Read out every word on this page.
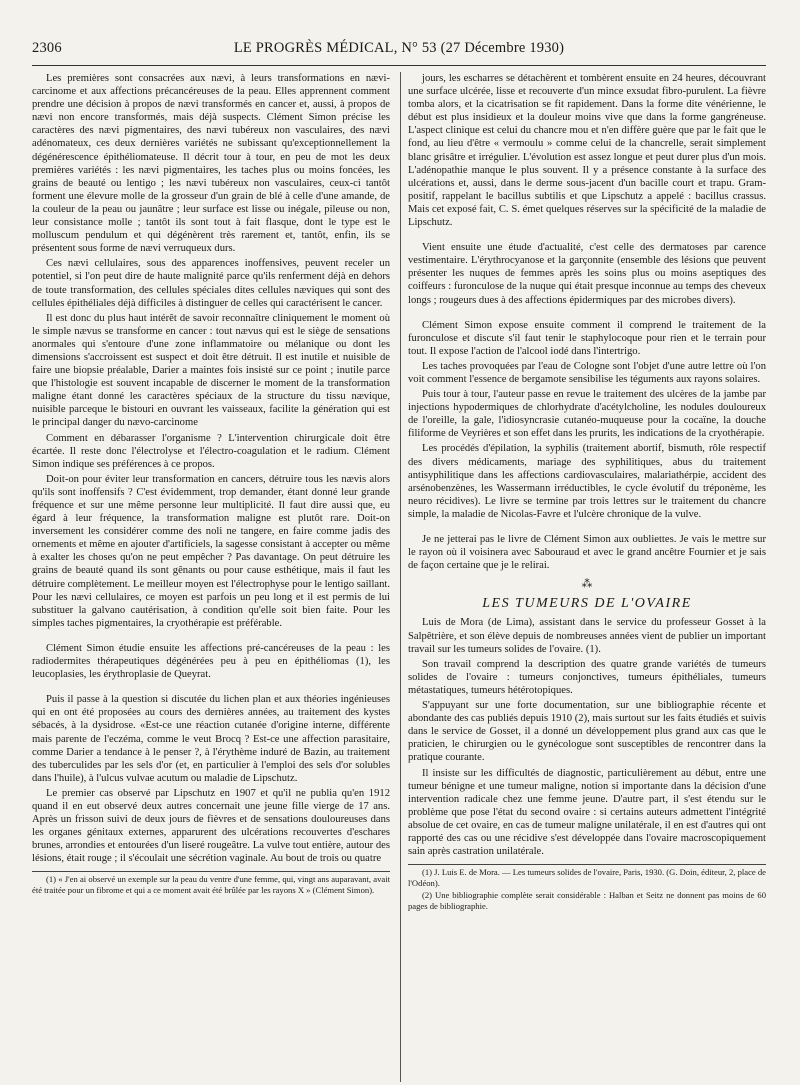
2306	LE PROGRÈS MÉDICAL, N° 53 (27 Décembre 1930)

Les premières sont consacrées aux nævi, à leurs transformations en nævi-carcinome et aux affections précancéreuses de la peau. Elles apprennent comment prendre une décision à propos de nævi transformés en cancer et, aussi, à propos de nævi non encore transformés, mais déjà suspects. Clément Simon précise les caractères des nævi pigmentaires, des nævi tubéreux non vasculaires, des nævi adénomateux, ces deux dernières variétés ne subissant qu'exceptionnellement la dégénérescence épithéliomateuse. Il décrit tour à tour, en peu de mot les deux premières variétés : les nævi pigmentaires, les taches plus ou moins foncées, les grains de beauté ou lentigo ; les nævi tubéreux non vasculaires, ceux-ci tantôt forment une élevure molle de la grosseur d'un grain de blé à celle d'une amande, de la couleur de la peau ou jaunâtre ; leur surface est lisse ou inégale, pileuse ou non, leur consistance molle ; tantôt ils sont tout à fait flasque, dont le type est le molluscum pendulum et qui dégénèrent très rarement et, tantôt, enfin, ils se présentent sous forme de nævi verruqueux durs.

Ces nævi cellulaires, sous des apparences inoffensives, peuvent receler un potentiel, si l'on peut dire de haute malignité parce qu'ils renferment déjà en dehors de toute transformation, des cellules spéciales dites cellules næviques qui sont des cellules épithéliales déjà difficiles à distinguer de celles qui caractérisent le cancer.

Il est donc du plus haut intérêt de savoir reconnaître cliniquement le moment où le simple nævus se transforme en cancer : tout nævus qui est le siège de sensations anormales qui s'entoure d'une zone inflammatoire ou mélanique ou dont les dimensions s'accroissent est suspect et doit être détruit. Il est inutile et nuisible de faire une biopsie préalable, Darier a maintes fois insisté sur ce point ; inutile parce que l'histologie est souvent incapable de discerner le moment de la transformation maligne étant donné les caractères spéciaux de la structure du tissu nævique, nuisible parceque le bistouri en ouvrant les vaisseaux, facilite la génération qui est le principal danger du nævo-carcinome

Comment en débarasser l'organisme ? L'intervention chirurgicale doit être écartée. Il reste donc l'électrolyse et l'électro-coagulation et le radium. Clément Simon indique ses préférences à ce propos.

Doit-on pour éviter leur transformation en cancers, détruire tous les nævis alors qu'ils sont inoffensifs ? C'est évidemment, trop demander, étant donné leur grande fréquence et sur une même personne leur multiplicité. Il faut dire aussi que, eu égard à leur fréquence, la transformation maligne est plutôt rare. Doit-on inversement les considérer comme des noli ne tangere, en faire comme jadis des ornements et même en ajouter d'artificiels, la sagesse consistant à accepter ou même à exalter les choses qu'on ne peut empêcher ? Pas davantage. On peut détruire les grains de beauté quand ils sont gênants ou pour cause esthétique, mais il faut les détruire complètement. Le meilleur moyen est l'électrophyse pour le lentigo saillant. Pour les nævi cellulaires, ce moyen est parfois un peu long et il est permis de lui substituer la galvano cautérisation, à condition qu'elle soit bien faite. Pour les simples taches pigmentaires, la cryothérapie est préférable.

Clément Simon étudie ensuite les affections pré-cancéreuses de la peau : les radiodermites thérapeutiques dégénérées peu à peu en épithéliomas (1), les leucoplasies, les érythroplasie de Queyrat.

Puis il passe à la question si discutée du lichen plan et aux théories ingénieuses qui en ont été proposées au cours des dernières années, au traitement des kystes sébacés, à la dysidrose. «Est-ce une réaction cutanée d'origine interne, différente mais parente de l'eczéma, comme le veut Brocq ? Est-ce une affection parasitaire, comme Darier a tendance à le penser ?, à l'érythème induré de Bazin, au traitement des tuberculides par les sels d'or (et, en particulier à l'emploi des sels d'or solubles dans l'huile), à l'ulcus vulvae acutum ou maladie de Lipschutz.

Le premier cas observé par Lipschutz en 1907 et qu'il ne publia qu'en 1912 quand il en eut observé deux autres concernait une jeune fille vierge de 17 ans. Après un frisson suivi de deux jours de fièvres et de sensations douloureuses dans les organes génitaux externes, apparurent des ulcérations recouvertes d'eschares brunes, arrondies et entourées d'un liseré rougeâtre. La vulve tout entière, autour des lésions, était rouge ; il s'écoulait une sécrétion vaginale. Au bout de trois ou quatre

(1) « J'en ai observé un exemple sur la peau du ventre d'une femme, qui, vingt ans auparavant, avait été traitée pour un fibrome et qui a ce moment avait été brûlée par les rayons X » (Clément Simon).

jours, les escharres se détachèrent et tombèrent ensuite en 24 heures, découvrant une surface ulcérée, lisse et recouverte d'un mince exsudat fibro-purulent. La fièvre tomba alors, et la cicatrisation se fit rapidement. Dans la forme dite vénérienne, le début est plus insidieux et la douleur moins vive que dans la forme gangréneuse. L'aspect clinique est celui du chancre mou et n'en diffère guère que par le fait que le fond, au lieu d'être « vermoulu » comme celui de la chancrelle, serait simplement blanc grisâtre et irrégulier. L'évolution est assez longue et peut durer plus d'un mois. L'adénopathie manque le plus souvent. Il y a présence constante à la surface des ulcérations et, aussi, dans le derme sous-jacent d'un bacille court et trapu. Gram-positif, rappelant le bacillus subtilis et que Lipschutz a appelé : bacillus crassus. Mais cet exposé fait, C. S. émet quelques réserves sur la spécificité de la maladie de Lipschutz.

Vient ensuite une étude d'actualité, c'est celle des dermatoses par carence vestimentaire. L'érythrocyanose et la garçonnite (ensemble des lésions que peuvent présenter les nuques de femmes après les soins plus ou moins aseptiques des coiffeurs : furonculose de la nuque qui était presque inconnue au temps des cheveux longs ; rougeurs dues à des affections épidermiques par des microbes divers).

Clément Simon expose ensuite comment il comprend le traitement de la furonculose et discute s'il faut tenir le staphylocoque pour rien et le terrain pour tout. Il expose l'action de l'alcool iodé dans l'intertrigo.

Les taches provoquées par l'eau de Cologne sont l'objet d'une autre lettre où l'on voit comment l'essence de bergamote sensibilise les téguments aux rayons solaires.

Puis tour à tour, l'auteur passe en revue le traitement des ulcères de la jambe par injections hypodermiques de chlorhydrate d'acétylcholine, les nodules douloureux de l'oreille, la gale, l'idiosyncrasie cutanéo-muqueuse pour la cocaïne, la douche filiforme de Veyrières et son effet dans les prurits, les indications de la cryothérapie.

Les procédés d'épilation, la syphilis (traitement abortif, bismuth, rôle respectif des divers médicaments, mariage des syphilitiques, abus du traitement antisyphilitique dans les affections cardiovasculaires, malariathérpie, accident des arsénobenzènes, les Wassermann irréductibles, le cycle évolutif du tréponème, les neuro récidives). Le livre se termine par trois lettres sur le traitement du chancre simple, la maladie de Nicolas-Favre et l'ulcère chronique de la vulve.

Je ne jetterai pas le livre de Clément Simon aux oubliettes. Je vais le mettre sur le rayon où il voisinera avec Sabouraud et avec le grand ancêtre Fournier et je sais de façon certaine que je le relirai.

⁂
LES TUMEURS DE L'OVAIRE

Luis de Mora (de Lima), assistant dans le service du professeur Gosset à la Salpêtrière, et son élève depuis de nombreuses années vient de publier un important travail sur les tumeurs solides de l'ovaire. (1).

Son travail comprend la description des quatre grande variétés de tumeurs solides de l'ovaire : tumeurs conjonctives, tumeurs épithéliales, tumeurs métastatiques, tumeurs hétérotopiques.

S'appuyant sur une forte documentation, sur une bibliographie récente et abondante des cas publiés depuis 1910 (2), mais surtout sur les faits étudiés et suivis dans le service de Gosset, il a donné un développement plus grand aux cas que le praticien, le chirurgien ou le gynécologue sont susceptibles de rencontrer dans la pratique courante.

Il insiste sur les difficultés de diagnostic, particulièrement au début, entre une tumeur bénigne et une tumeur maligne, notion si importante dans la décision d'une intervention radicale chez une femme jeune. D'autre part, il s'est étendu sur le problème que pose l'état du second ovaire : si certains auteurs admettent l'intégrité absolue de cet ovaire, en cas de tumeur maligne unilatérale, il en est d'autres qui ont rapporté des cas ou une récidive s'est développée dans l'ovaire macroscopiquement sain après castration unilatérale.

(1) J. Luis E. de Mora. — Les tumeurs solides de l'ovaire, Paris, 1930. (G. Doin, éditeur, 2, place de l'Odéon).

(2) Une bibliographie complète serait considérable : Halban et Seitz ne donnent pas moins de 60 pages de bibliographie.
